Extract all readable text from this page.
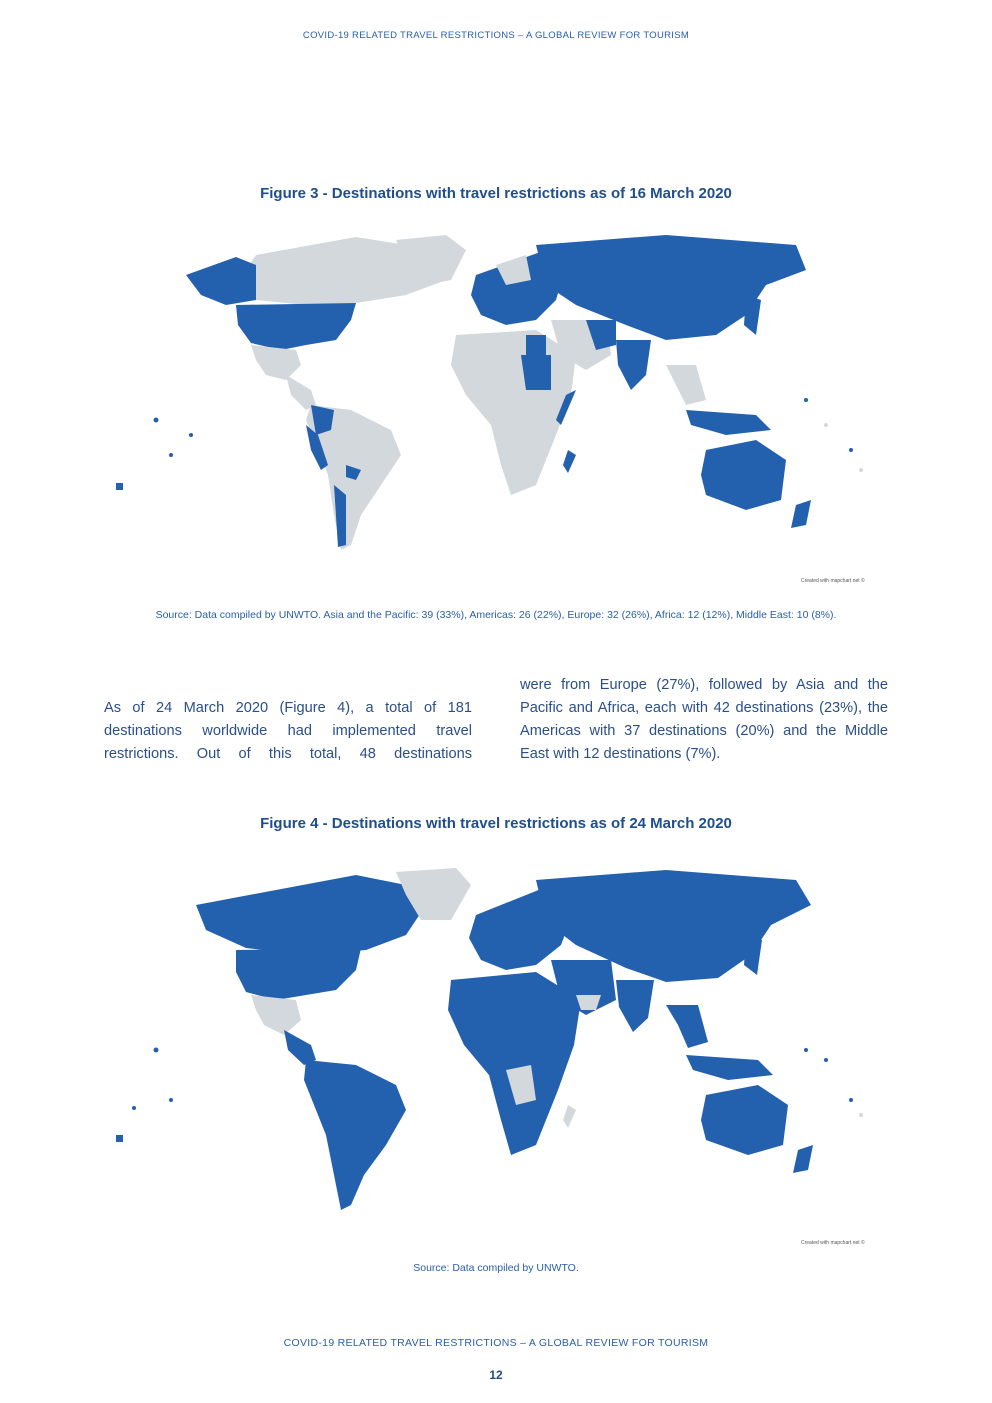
COVID-19 RELATED TRAVEL RESTRICTIONS – A GLOBAL REVIEW FOR TOURISM
Figure 3 - Destinations with travel restrictions as of 16 March 2020
Created with mapchart.net ©
Source: Data compiled by UNWTO. Asia and the Pacific: 39 (33%), Americas: 26 (22%), Europe: 32 (26%), Africa: 12 (12%), Middle East: 10 (8%).
As of 24 March 2020 (Figure 4), a total of 181 destinations worldwide had implemented travel restrictions. Out of this total, 48 destinations
were from Europe (27%), followed by Asia and the Pacific and Africa, each with 42 destinations (23%), the Americas with 37 destinations (20%) and the Middle East with 12 destinations (7%).
Figure 4 - Destinations with travel restrictions as of 24 March 2020
Created with mapchart.net ©
Source: Data compiled by UNWTO.
COVID-19 RELATED TRAVEL RESTRICTIONS – A GLOBAL REVIEW FOR TOURISM
12
